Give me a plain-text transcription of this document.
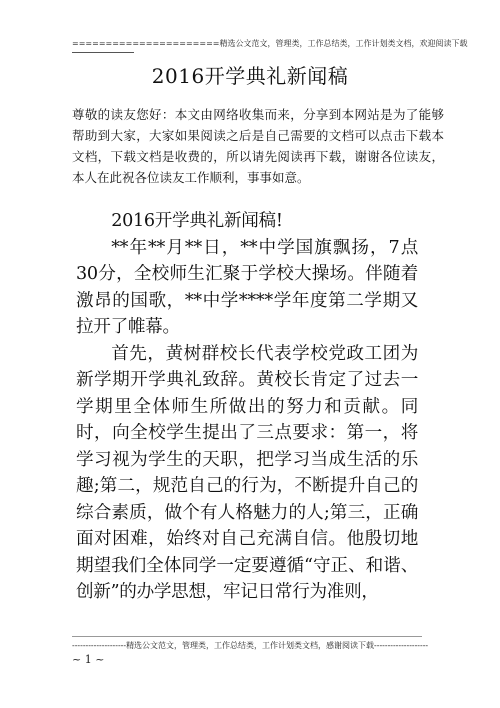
======================精选公文范文，管理类，工作总结类，工作计划类文档，欢迎阅读下载
2016开学典礼新闻稿
尊敬的读友您好：本文由网络收集而来，分享到本网站是为了能够帮助到大家，大家如果阅读之后是自己需要的文档可以点击下载本文档，下载文档是收费的，所以请先阅读再下载，谢谢各位读友，本人在此祝各位读友工作顺利，事事如意。

2016开学典礼新闻稿!

**年**月**日，**中学国旗飘扬，7点30分，全校师生汇聚于学校大操场。伴随着激昂的国歌，**中学****学年度第二学期又拉开了帷幕。

首先，黄树群校长代表学校党政工团为新学期开学典礼致辞。黄校长肯定了过去一学期里全体师生所做出的努力和贡献。同时，向全校学生提出了三点要求：第一，将学习视为学生的天职，把学习当成生活的乐趣;第二，规范自己的行为，不断提升自己的综合素质，做个有人格魅力的人;第三，正确面对困难，始终对自己充满自信。他殷切地期望我们全体同学一定要遵循“守正、和谐、创新”的办学思想，牢记日常行为准则，

--------------------精选公文范文，管理类，工作总结类，工作计划类文档，感谢阅读下载--------------------
~ 1 ~
